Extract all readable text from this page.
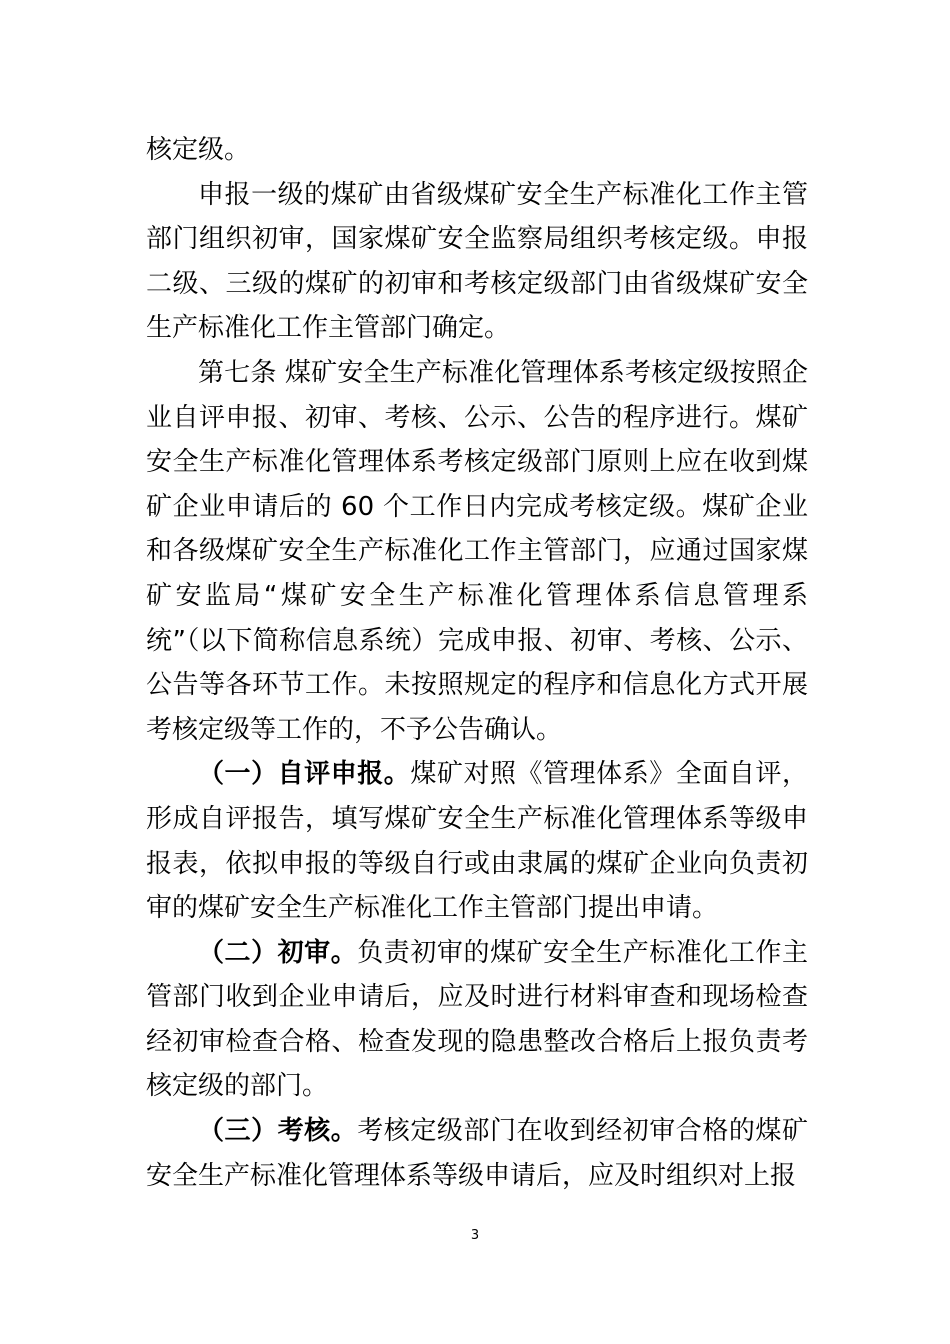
核定级。

申报一级的煤矿由省级煤矿安全生产标准化工作主管部门组织初审，国家煤矿安全监察局组织考核定级。申报二级、三级的煤矿的初审和考核定级部门由省级煤矿安全生产标准化工作主管部门确定。

第七条 煤矿安全生产标准化管理体系考核定级按照企业自评申报、初审、考核、公示、公告的程序进行。煤矿安全生产标准化管理体系考核定级部门原则上应在收到煤矿企业申请后的 60 个工作日内完成考核定级。煤矿企业和各级煤矿安全生产标准化工作主管部门，应通过国家煤矿安监局“煤矿安全生产标准化管理体系信息管理系统”（以下简称信息系统）完成申报、初审、考核、公示、公告等各环节工作。未按照规定的程序和信息化方式开展考核定级等工作的，不予公告确认。

（一）自评申报。煤矿对照《管理体系》全面自评，形成自评报告，填写煤矿安全生产标准化管理体系等级申报表，依拟申报的等级自行或由隶属的煤矿企业向负责初审的煤矿安全生产标准化工作主管部门提出申请。

（二）初审。负责初审的煤矿安全生产标准化工作主管部门收到企业申请后，应及时进行材料审查和现场检查经初审检查合格、检查发现的隐患整改合格后上报负责考核定级的部门。

（三）考核。考核定级部门在收到经初审合格的煤矿安全生产标准化管理体系等级申请后，应及时组织对上报

3
